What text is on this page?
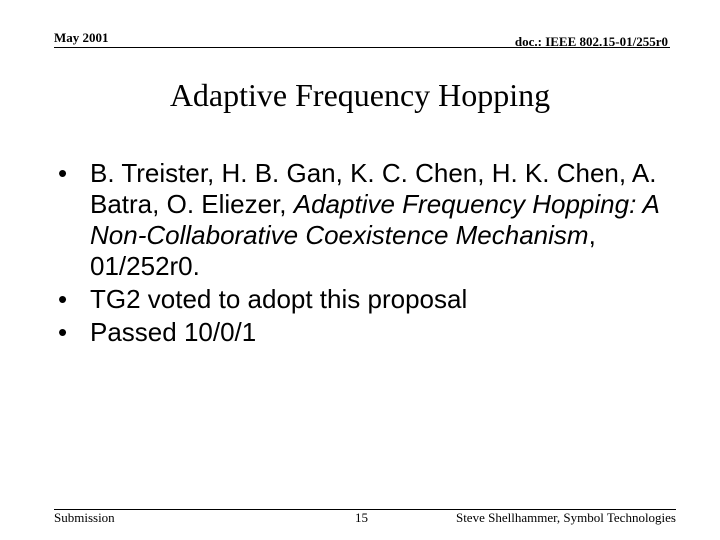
May 2001	doc.: IEEE 802.15-01/255r0
Adaptive Frequency Hopping
• B. Treister, H. B. Gan, K. C. Chen, H. K. Chen, A. Batra, O. Eliezer, Adaptive Frequency Hopping: A Non-Collaborative Coexistence Mechanism, 01/252r0.
• TG2 voted to adopt this proposal
• Passed 10/0/1
Submission	15	Steve Shellhammer, Symbol Technologies
